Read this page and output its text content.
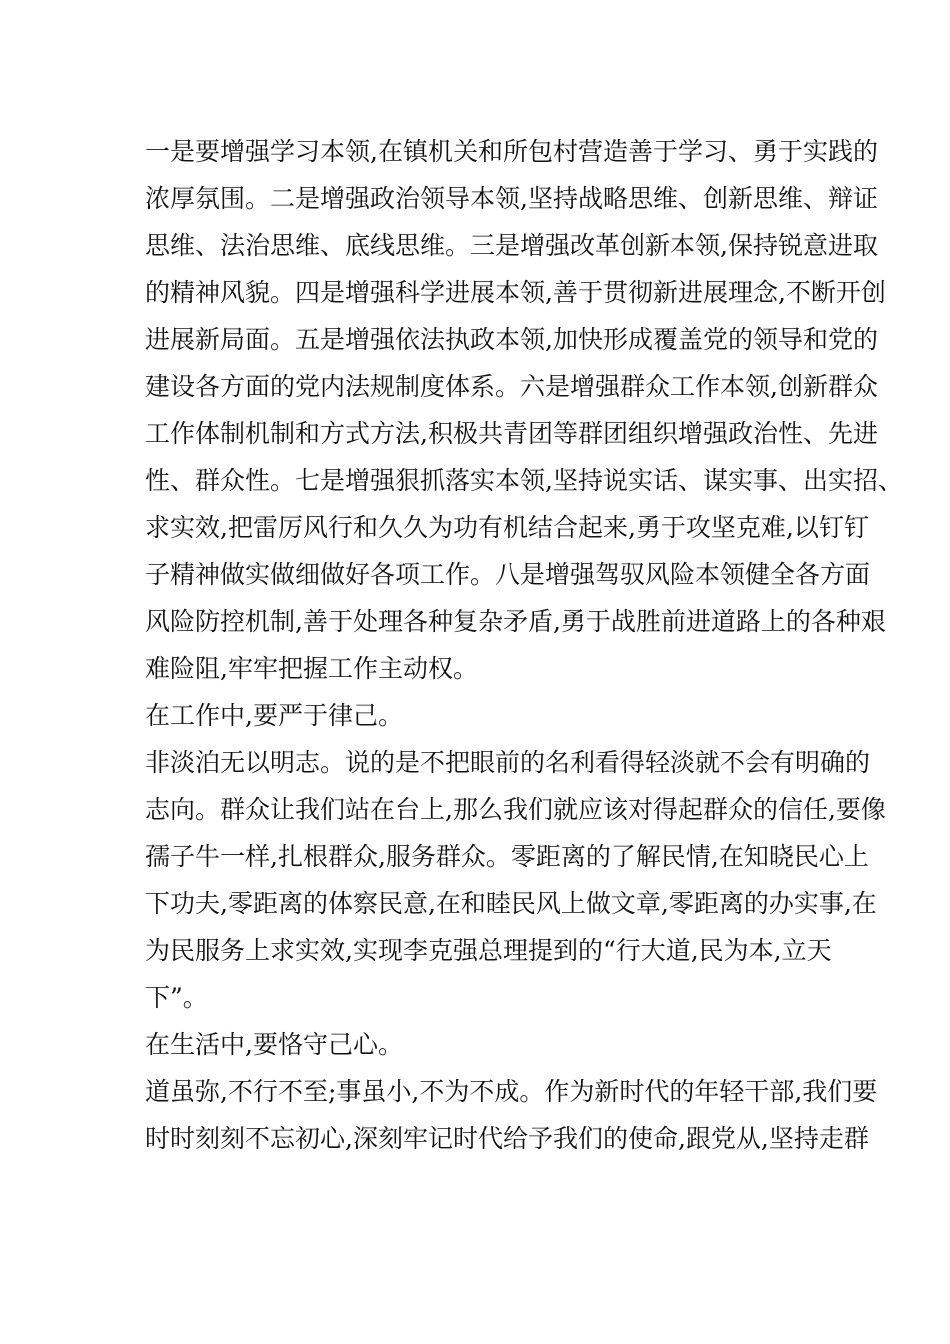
一是要增强学习本领,在镇机关和所包村营造善于学习、勇于实践的
浓厚氛围。二是增强政治领导本领,坚持战略思维、创新思维、辩证
思维、法治思维、底线思维。三是增强改革创新本领,保持锐意进取
的精神风貌。四是增强科学进展本领,善于贯彻新进展理念,不断开创
进展新局面。五是增强依法执政本领,加快形成覆盖党的领导和党的
建设各方面的党内法规制度体系。六是增强群众工作本领,创新群众
工作体制机制和方式方法,积极共青团等群团组织增强政治性、先进
性、群众性。七是增强狠抓落实本领,坚持说实话、谋实事、出实招、
求实效,把雷厉风行和久久为功有机结合起来,勇于攻坚克难,以钉钉
子精神做实做细做好各项工作。八是增强驾驭风险本领健全各方面
风险防控机制,善于处理各种复杂矛盾,勇于战胜前进道路上的各种艰
难险阻,牢牢把握工作主动权。

在工作中,要严于律己。

非淡泊无以明志。说的是不把眼前的名利看得轻淡就不会有明确的
志向。群众让我们站在台上,那么我们就应该对得起群众的信任,要像
孺子牛一样,扎根群众,服务群众。零距离的了解民情,在知晓民心上
下功夫,零距离的体察民意,在和睦民风上做文章,零距离的办实事,在
为民服务上求实效,实现李克强总理提到的“行大道,民为本,立天
下”。

在生活中,要恪守己心。

道虽弥,不行不至;事虽小,不为不成。作为新时代的年轻干部,我们要
时时刻刻不忘初心,深刻牢记时代给予我们的使命,跟党从,坚持走群
